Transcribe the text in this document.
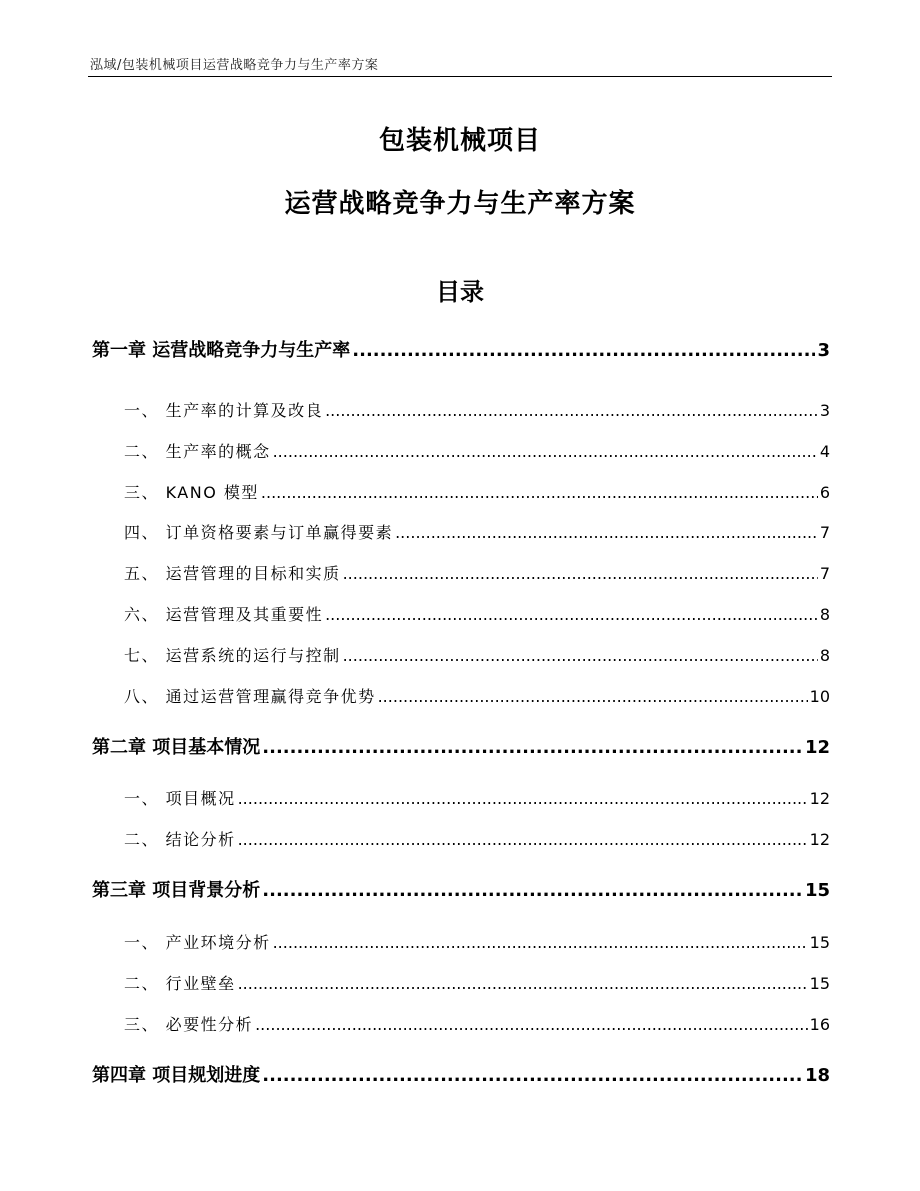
泓域/包装机械项目运营战略竞争力与生产率方案
包装机械项目
运营战略竞争力与生产率方案
目录
第一章 运营战略竞争力与生产率 .....	3
一、 生产率的计算及改良 .....	3
二、 生产率的概念 .....	4
三、 KANO 模型 .....	6
四、 订单资格要素与订单赢得要素 .....	7
五、 运营管理的目标和实质 .....	7
六、 运营管理及其重要性 .....	8
七、 运营系统的运行与控制 .....	8
八、 通过运营管理赢得竞争优势 .....	10
第二章 项目基本情况 .....	12
一、 项目概况 .....	12
二、 结论分析 .....	12
第三章 项目背景分析 .....	15
一、 产业环境分析 .....	15
二、 行业壁垒 .....	15
三、 必要性分析 .....	16
第四章 项目规划进度 .....	18
